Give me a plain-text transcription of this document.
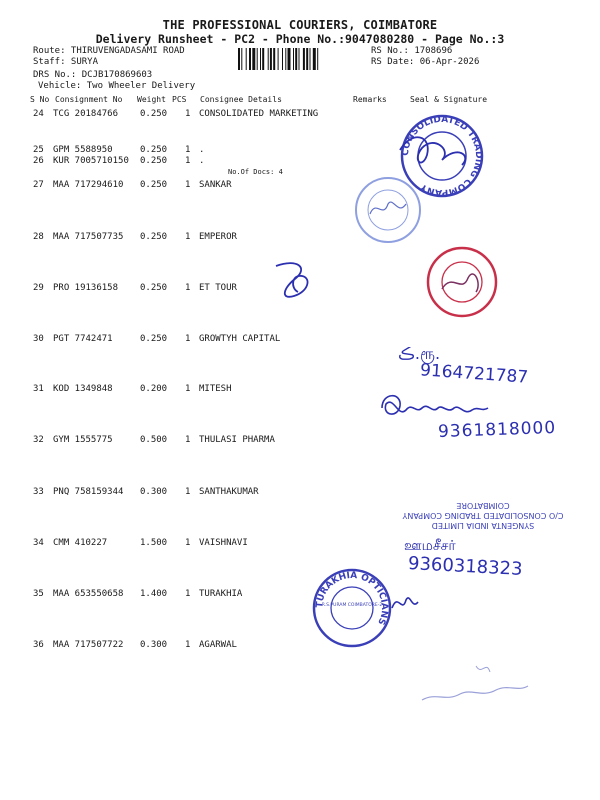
THE PROFESSIONAL COURIERS, COIMBATORE
Delivery Runsheet - PC2 - Phone No.:9047080280 - Page No.:3
Route: THIRUVENGADASAMI ROAD
Staff: SURYA
DRS No.: DCJB170869603
Vehicle: Two Wheeler Delivery
RS No.: 1708696
RS Date: 06-Apr-2026
S No Consignment No Weight PCS Consignee Details	Remarks	Seal & Signature
24 TCG 20184766 0.250 1 CONSOLIDATED MARKETING
25 GPM 5588950	0.250 1 .
26 KUR 7005710150 0.250 1 .
27 MAA 717294610 0.250 1 SANKAR
28 MAA 717507735 0.250 1 EMPEROR
29 PRO 19136158 0.250 1 ET TOUR
30 PGT 7742471	0.250 1 GROWTYH CAPITAL
31 KOD 1349848	0.200 1 MITESH
32 GYM 1555775	0.500 1 THULASI PHARMA
33 PNQ 758159344 0.300 1 SANTHAKUMAR
34 CMM 410227	1.500 1 VAISHNAVI
35 MAA 653550658 1.400 1 TURAKHIA
36 MAA 717507722 0.300 1 AGARWAL
No.Of Docs: 4
CONSOLIDATED TRADING COMPANY
ڪ.ரூ.
9164721787
9361818000
SYNGENTA INDIA LIMITED
C/O CONSOLIDATED TRADING COMPANY
COIMBATORE
ஊமசீசர்
9360318323
TURAKHIA OPTICIANS
R.S.PURAM COIMBATORE-2
